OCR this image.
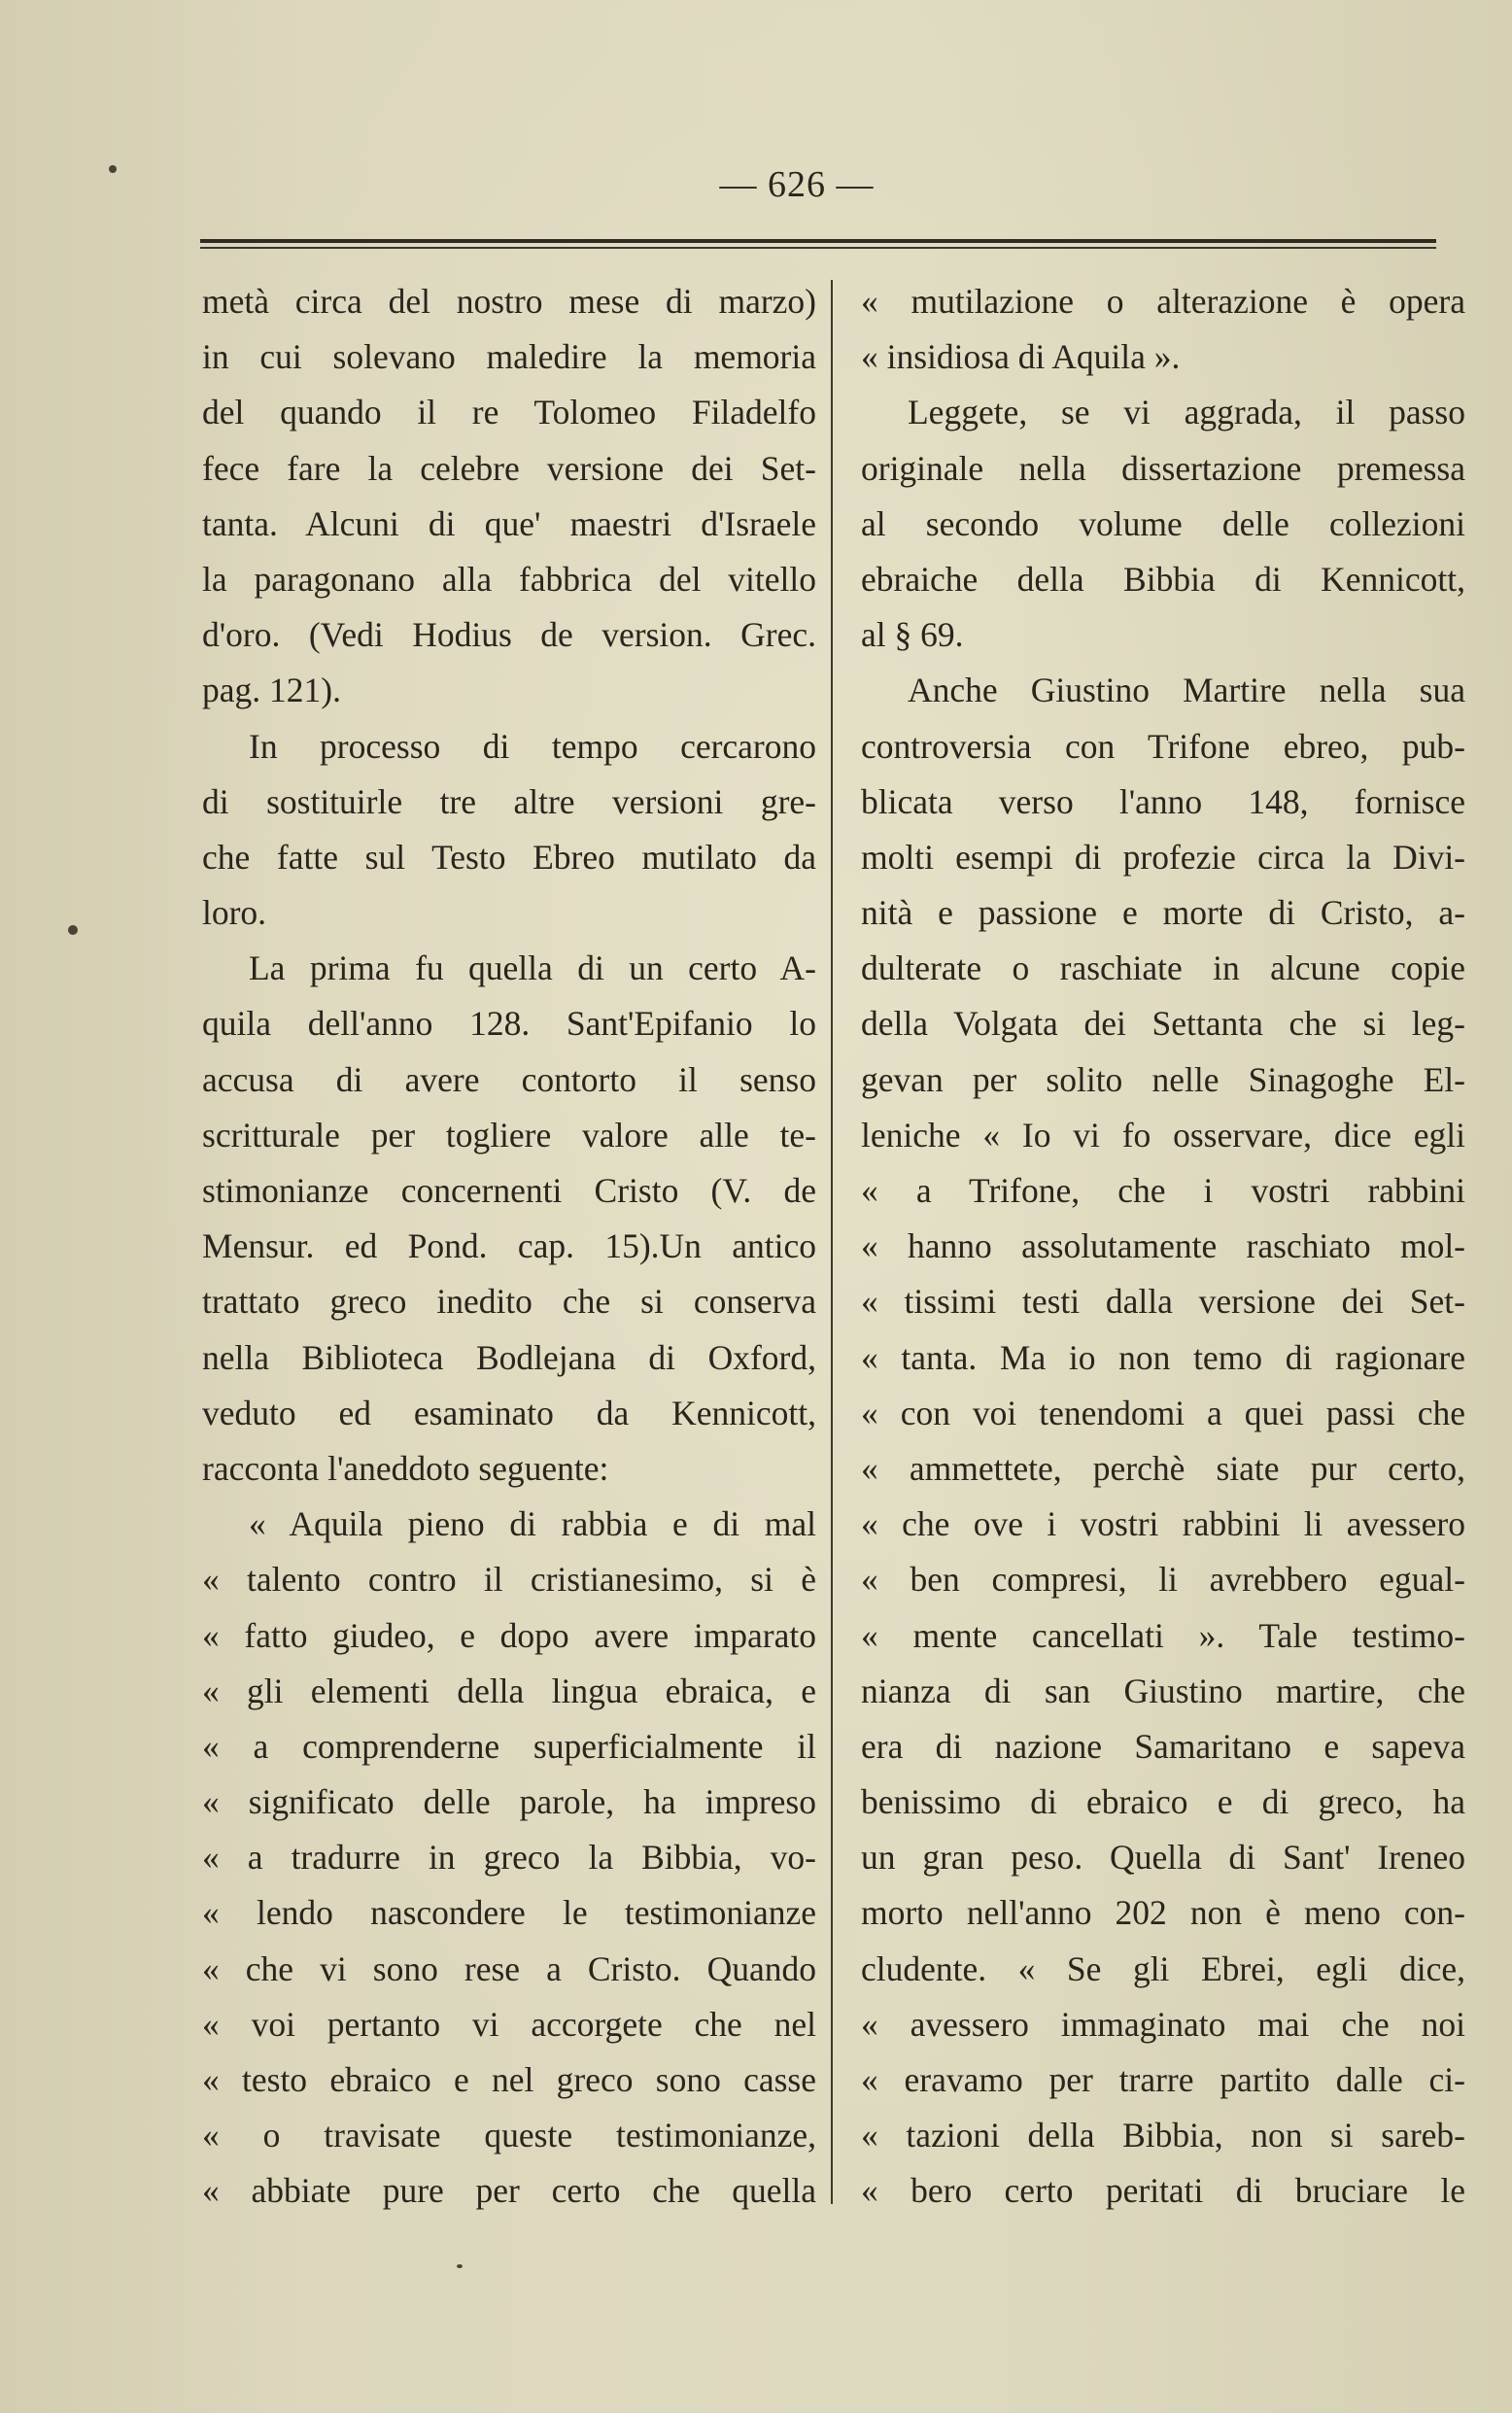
— 626 —
metà circa del nostro mese di marzo)
in cui solevano maledire la memoria
del quando il re Tolomeo Filadelfo
fece fare la celebre versione dei Set-
tanta. Alcuni di que' maestri d'Israele
la paragonano alla fabbrica del vitello
d'oro. (Vedi Hodius de version. Grec.
pag. 121).
In processo di tempo cercarono
di sostituirle tre altre versioni gre-
che fatte sul Testo Ebreo mutilato da
loro.
La prima fu quella di un certo A-
quila dell'anno 128. Sant'Epifanio lo
accusa di avere contorto il senso
scritturale per togliere valore alle te-
stimonianze concernenti Cristo (V. de
Mensur. ed Pond. cap. 15).Un antico
trattato greco inedito che si conserva
nella Biblioteca Bodlejana di Oxford,
veduto ed esaminato da Kennicott,
racconta l'aneddoto seguente:
« Aquila pieno di rabbia e di mal
« talento contro il cristianesimo, si è
« fatto giudeo, e dopo avere imparato
« gli elementi della lingua ebraica, e
« a comprenderne superficialmente il
« significato delle parole, ha impreso
« a tradurre in greco la Bibbia, vo-
« lendo nascondere le testimonianze
« che vi sono rese a Cristo. Quando
« voi pertanto vi accorgete che nel
« testo ebraico e nel greco sono casse
« o travisate queste testimonianze,
« abbiate pure per certo che quella
« mutilazione o alterazione è opera
« insidiosa di Aquila ».
Leggete, se vi aggrada, il passo
originale nella dissertazione premessa
al secondo volume delle collezioni
ebraiche della Bibbia di Kennicott,
al § 69.
Anche Giustino Martire nella sua
controversia con Trifone ebreo, pub-
blicata verso l'anno 148, fornisce
molti esempi di profezie circa la Divi-
nità e passione e morte di Cristo, a-
dulterate o raschiate in alcune copie
della Volgata dei Settanta che si leg-
gevan per solito nelle Sinagoghe El-
leniche « Io vi fo osservare, dice egli
« a Trifone, che i vostri rabbini
« hanno assolutamente raschiato mol-
« tissimi testi dalla versione dei Set-
« tanta. Ma io non temo di ragionare
« con voi tenendomi a quei passi che
« ammettete, perchè siate pur certo,
« che ove i vostri rabbini li avessero
« ben compresi, li avrebbero egual-
« mente cancellati ». Tale testimo-
nianza di san Giustino martire, che
era di nazione Samaritano e sapeva
benissimo di ebraico e di greco, ha
un gran peso. Quella di Sant' Ireneo
morto nell'anno 202 non è meno con-
cludente. « Se gli Ebrei, egli dice,
« avessero immaginato mai che noi
« eravamo per trarre partito dalle ci-
« tazioni della Bibbia, non si sareb-
« bero certo peritati di bruciare le
